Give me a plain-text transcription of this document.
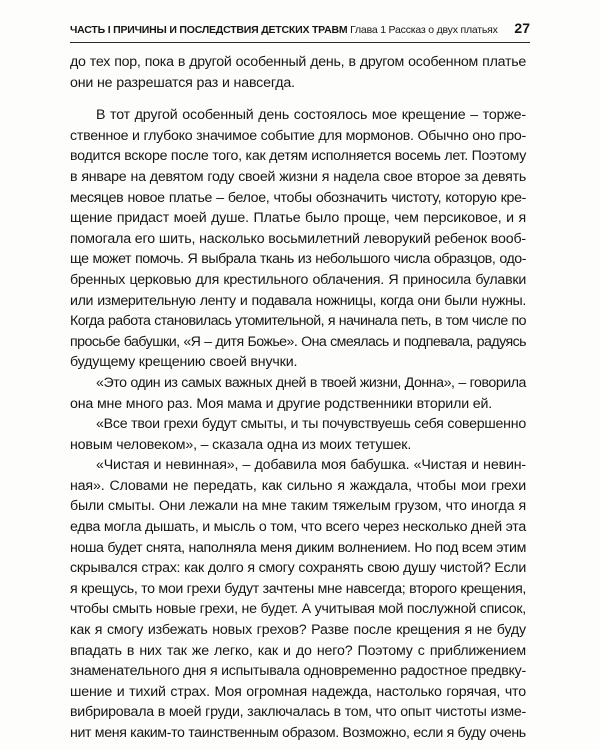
ЧАСТЬ I ПРИЧИНЫ И ПОСЛЕДСТВИЯ ДЕТСКИХ ТРАВМ Глава 1 Рассказ о двух платьях 27
до тех пор, пока в другой особенный день, в другом особенном платье
они не разрешатся раз и навсегда.
В тот другой особенный день состоялось мое крещение – торже-
ственное и глубоко значимое событие для мормонов. Обычно оно про-
водится вскоре после того, как детям исполняется восемь лет. Поэтому
в январе на девятом году своей жизни я надела свое второе за девять
месяцев новое платье – белое, чтобы обозначить чистоту, которую кре-
щение придаст моей душе. Платье было проще, чем персиковое, и я
помогала его шить, насколько восьмилетний леворукий ребенок вооб-
ще может помочь. Я выбрала ткань из небольшого числа образцов, одо-
бренных церковью для крестильного облачения. Я приносила булавки
или измерительную ленту и подавала ножницы, когда они были нужны.
Когда работа становилась утомительной, я начинала петь, в том числе по
просьбе бабушки, «Я – дитя Божье». Она смеялась и подпевала, радуясь
будущему крещению своей внучки.
«Это один из самых важных дней в твоей жизни, Донна», – говорила
она мне много раз. Моя мама и другие родственники вторили ей.
«Все твои грехи будут смыты, и ты почувствуешь себя совершенно
новым человеком», – сказала одна из моих тетушек.
«Чистая и невинная», – добавила моя бабушка. «Чистая и невин-
ная». Словами не передать, как сильно я жаждала, чтобы мои грехи
были смыты. Они лежали на мне таким тяжелым грузом, что иногда я
едва могла дышать, и мысль о том, что всего через несколько дней эта
ноша будет снята, наполняла меня диким волнением. Но под всем этим
скрывался страх: как долго я смогу сохранять свою душу чистой? Если
я крещусь, то мои грехи будут зачтены мне навсегда; второго крещения,
чтобы смыть новые грехи, не будет. А учитывая мой послужной список,
как я смогу избежать новых грехов? Разве после крещения я не буду
впадать в них так же легко, как и до него? Поэтому с приближением
знаменательного дня я испытывала одновременно радостное предвку-
шение и тихий страх. Моя огромная надежда, настолько горячая, что
вибрировала в моей груди, заключалась в том, что опыт чистоты изме-
нит меня каким-то таинственным образом. Возможно, если я буду очень
